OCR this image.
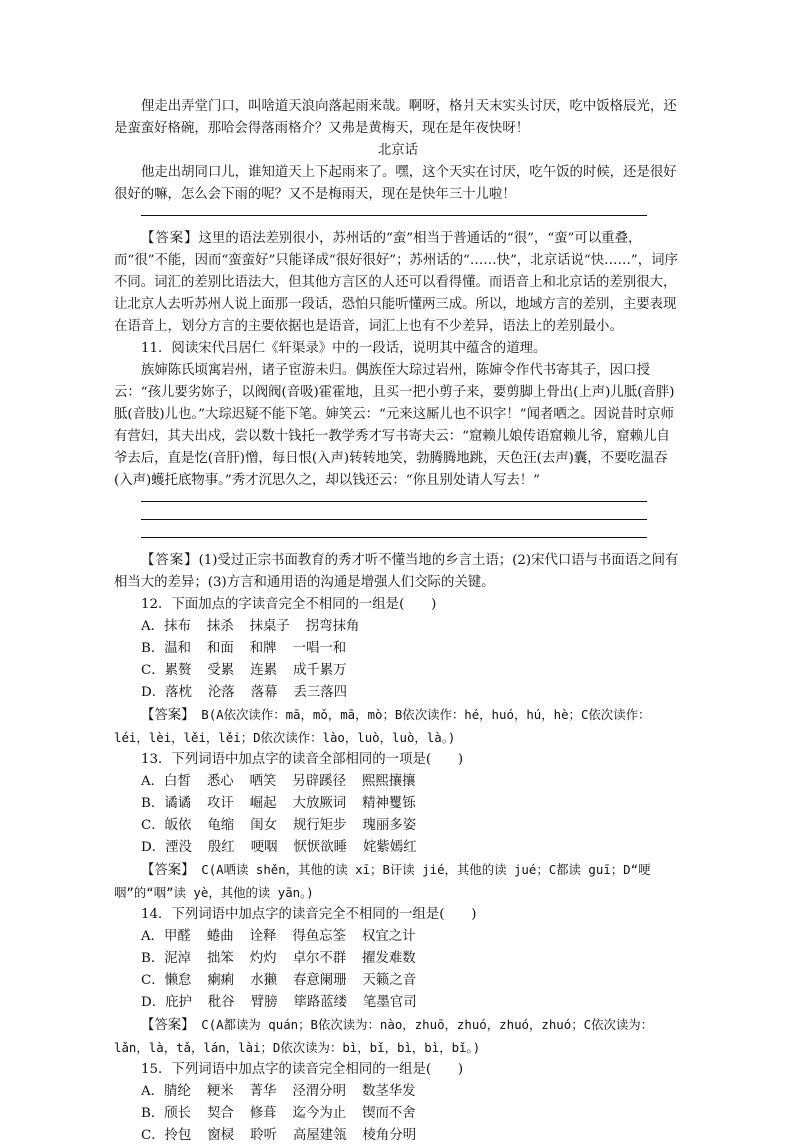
俚走出弄堂门口，叫啥道天浪向落起雨来哉。啊呀，格爿天末实头讨厌，吃中饭格辰光，还是蛮蛮好格碗，那哈会得落雨格介？又弗是黄梅天，现在是年夜快呀！

北京话

他走出胡同口儿，谁知道天上下起雨来了。嘿，这个天实在讨厌，吃午饭的时候，还是很好很好的嘛，怎么会下雨的呢？又不是梅雨天，现在是快年三十儿啦！

【答案】这里的语法差别很小，苏州话的“蛮”相当于普通话的“很”，“蛮”可以重叠，而“很”不能，因而“蛮蛮好”只能译成“很好很好”；苏州话的“……快”，北京话说“快……”，词序不同。词汇的差别比语法大，但其他方言区的人还可以看得懂。而语音上和北京话的差别很大，让北京人去听苏州人说上面那一段话，恐怕只能听懂两三成。所以，地域方言的差别，主要表现在语音上，划分方言的主要依据也是语音，词汇上也有不少差异，语法上的差别最小。

11．阅读宋代吕居仁《轩渠录》中的一段话，说明其中蕴含的道理。

族婶陈氏顷寓岩州，诸子宦游未归。偶族侄大琮过岩州，陈婶令作代书寄其子，因口授云：“孩儿要劣妳子，以阀阀(音吸)霍霍地，且买一把小剪子来，要剪脚上骨出(上声)儿胝(音胖)胝(音肢)儿也。”大琮迟疑不能下笔。婶笑云：“元来这厮儿也不识字！”闻者哂之。因说昔时京师有营妇，其夫出戍，尝以数十钱托一教学秀才写书寄夫云：“窟赖儿娘传语窟赖儿爷，窟赖儿自爷去后，直是忔(音肝)憎，每日恨(入声)转转地笑，勃腾腾地跳，天色汪(去声)囊，不要吃温吞(入声)蠖托底物事。”秀才沉思久之，却以钱还云：“你且别处请人写去！”

【答案】(1)受过正宗书面教育的秀才听不懂当地的乡言土语；(2)宋代口语与书面语之间有相当大的差异；(3)方言和通用语的沟通是增强人们交际的关键。

12．下面加点的字读音完全不相同的一组是(　　)

A．抹布 抹杀 抹桌子 拐弯抹角
B．温和 和面 和牌 一唱一和
C．累赘 受累 连累 成千累万
D．落枕 沦落 落幕 丢三落四

【答案】　 B(A依次读作：mā，mǒ，mā，mò；B依次读作：hé，huó，hú，hè；C依次读作：

léi，lèi，lěi，lěi；D依次读作：lào，luò，luò，là。)

13．下列词语中加点字的读音全部相同的一项是(　　)

A．白皙 悉心 哂笑 另辟蹊径 熙熙攘攘
B．谲谲 攻讦 崛起 大放厥词 精神矍铄
C．皈依 龟缩 闺女 规行矩步 瑰丽多姿
D．湮没 殷红 哽咽 恹恹欲睡 姹紫嫣红

【答案】　 C(A哂读 shěn，其他的读 xī；B讦读 jié，其他的读 jué；C都读 guī；D“哽

咽”的“咽”读 yè，其他的读 yān。)

14．下列词语中加点字的读音完全不相同的一组是(　　)

A．甲醛 蜷曲 诠释 得鱼忘筌 权宜之计
B．泥淖 拙笨 灼灼 卓尔不群 擢发难数
C．懒怠 瘌痢 水獭 春意阑珊 天籁之音
D．庇护 秕谷 臂膀 筚路蓝缕 笔墨官司

【答案】　 C(A都读为 quán；B依次读为：nào，zhuō，zhuó，zhuó，zhuó；C依次读为：

lǎn，là，tǎ，lán，lài；D依次读为：bì，bǐ，bì，bì，bǐ。)

15．下列词语中加点字的读音完全相同的一组是(　　)

A．腈纶 粳米 菁华 泾渭分明 数茎华发
B．颀长 契合 修葺 迄今为止 锲而不舍
C．拎包 窗棂 聆听 高屋建瓴 棱角分明
